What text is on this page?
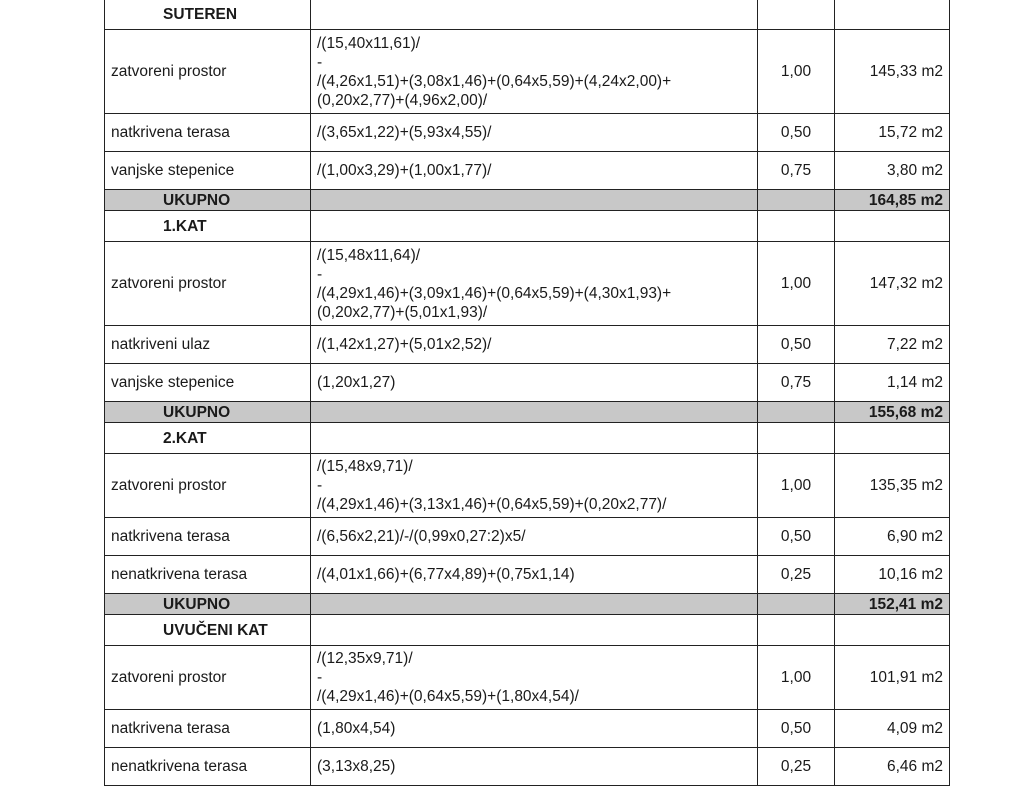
SUTEREN			
zatvoreni prostor	/(15,40x11,61)/
-
/(4,26x1,51)+(3,08x1,46)+(0,64x5,59)+(4,24x2,00)+
(0,20x2,77)+(4,96x2,00)/	1,00	145,33 m2
natkrivena terasa	/(3,65x1,22)+(5,93x4,55)/	0,50	15,72 m2
vanjske stepenice	/(1,00x3,29)+(1,00x1,77)/	0,75	3,80 m2
UKUPNO			164,85 m2
1.KAT			
zatvoreni prostor	/(15,48x11,64)/
-
/(4,29x1,46)+(3,09x1,46)+(0,64x5,59)+(4,30x1,93)+
(0,20x2,77)+(5,01x1,93)/	1,00	147,32 m2
natkriveni ulaz	/(1,42x1,27)+(5,01x2,52)/	0,50	7,22 m2
vanjske stepenice	(1,20x1,27)	0,75	1,14 m2
UKUPNO			155,68 m2
2.KAT			
zatvoreni prostor	/(15,48x9,71)/
-
/(4,29x1,46)+(3,13x1,46)+(0,64x5,59)+(0,20x2,77)/	1,00	135,35 m2
natkrivena terasa	/(6,56x2,21)/-/(0,99x0,27:2)x5/	0,50	6,90 m2
nenatkrivena terasa	/(4,01x1,66)+(6,77x4,89)+(0,75x1,14)	0,25	10,16 m2
UKUPNO			152,41 m2
UVUČENI KAT			
zatvoreni prostor	/(12,35x9,71)/
-
/(4,29x1,46)+(0,64x5,59)+(1,80x4,54)/	1,00	101,91 m2
natkrivena terasa	(1,80x4,54)	0,50	4,09 m2
nenatkrivena terasa	(3,13x8,25)	0,25	6,46 m2
